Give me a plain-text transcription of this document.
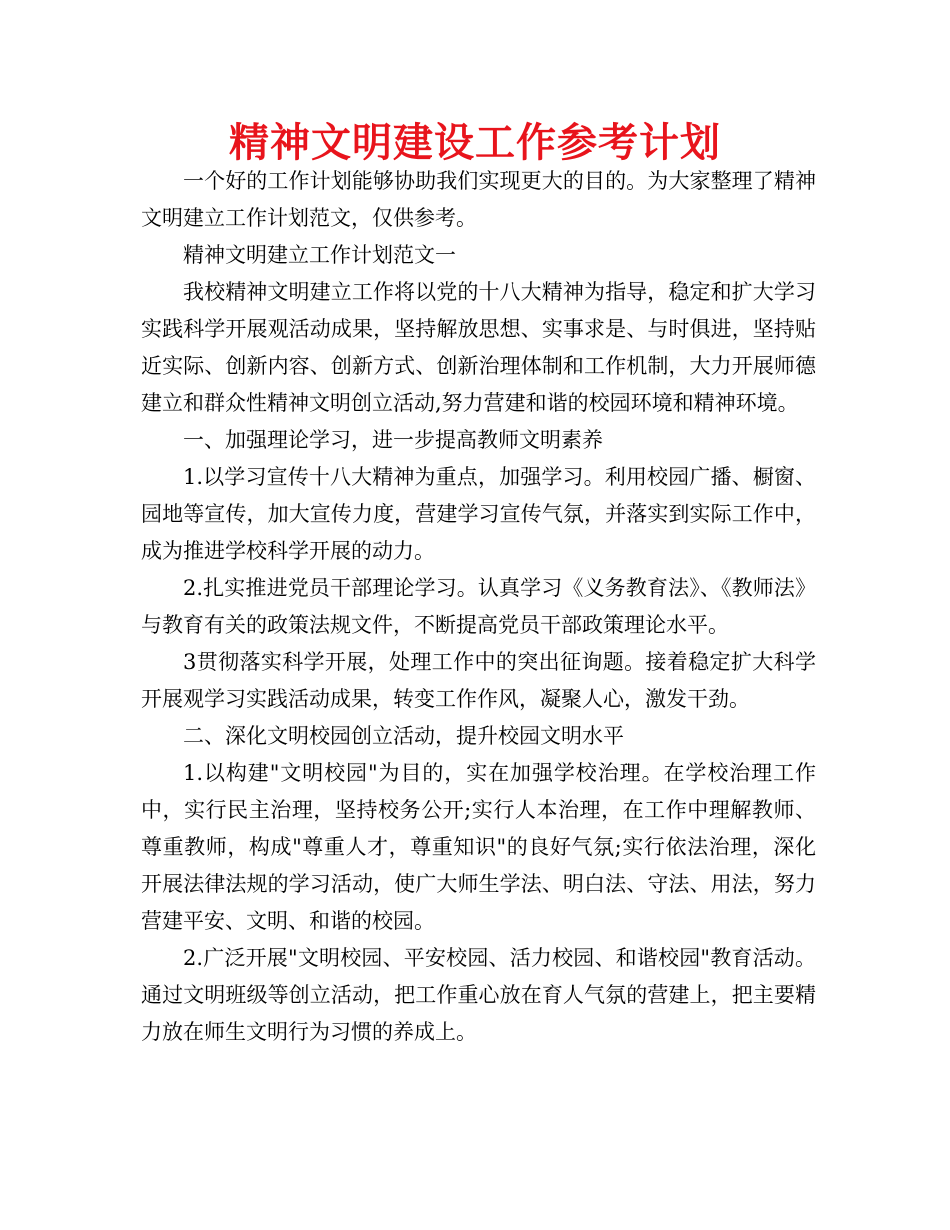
精神文明建设工作参考计划

一个好的工作计划能够协助我们实现更大的目的。为大家整理了精神文明建立工作计划范文，仅供参考。

精神文明建立工作计划范文一

我校精神文明建立工作将以党的十八大精神为指导，稳定和扩大学习实践科学开展观活动成果，坚持解放思想、实事求是、与时俱进，坚持贴近实际、创新内容、创新方式、创新治理体制和工作机制，大力开展师德建立和群众性精神文明创立活动,努力营建和谐的校园环境和精神环境。

一、加强理论学习，进一步提高教师文明素养

1.以学习宣传十八大精神为重点，加强学习。利用校园广播、橱窗、园地等宣传，加大宣传力度，营建学习宣传气氛，并落实到实际工作中，成为推进学校科学开展的动力。

2.扎实推进党员干部理论学习。认真学习《义务教育法》、《教师法》与教育有关的政策法规文件，不断提高党员干部政策理论水平。

3贯彻落实科学开展，处理工作中的突出征询题。接着稳定扩大科学开展观学习实践活动成果，转变工作作风，凝聚人心，激发干劲。

二、深化文明校园创立活动，提升校园文明水平

1.以构建"文明校园"为目的，实在加强学校治理。在学校治理工作中，实行民主治理，坚持校务公开;实行人本治理，在工作中理解教师、尊重教师，构成"尊重人才，尊重知识"的良好气氛;实行依法治理，深化开展法律法规的学习活动，使广大师生学法、明白法、守法、用法，努力营建平安、文明、和谐的校园。

2.广泛开展"文明校园、平安校园、活力校园、和谐校园"教育活动。通过文明班级等创立活动，把工作重心放在育人气氛的营建上，把主要精力放在师生文明行为习惯的养成上。
